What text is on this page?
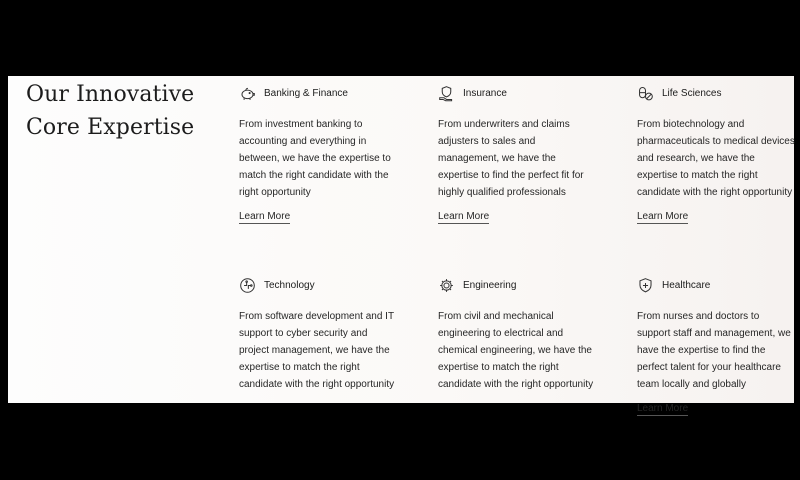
Our Innovative
Core Expertise
Banking & Finance

From investment banking to accounting and everything in between, we have the expertise to match the right candidate with the right opportunity

Learn More
Insurance

From underwriters and claims adjusters to sales and management, we have the expertise to find the perfect fit for highly qualified professionals

Learn More
Life Sciences

From biotechnology and pharmaceuticals to medical devices and research, we have the expertise to match the right candidate with the right opportunity

Learn More
Technology

From software development and IT support to cyber security and project management, we have the expertise to match the right candidate with the right opportunity

Engineering

From civil and mechanical engineering to electrical and chemical engineering, we have the expertise to match the right candidate with the right opportunity

Healthcare

From nurses and doctors to support staff and management, we have the expertise to find the perfect talent for your healthcare team locally and globally

Learn More
